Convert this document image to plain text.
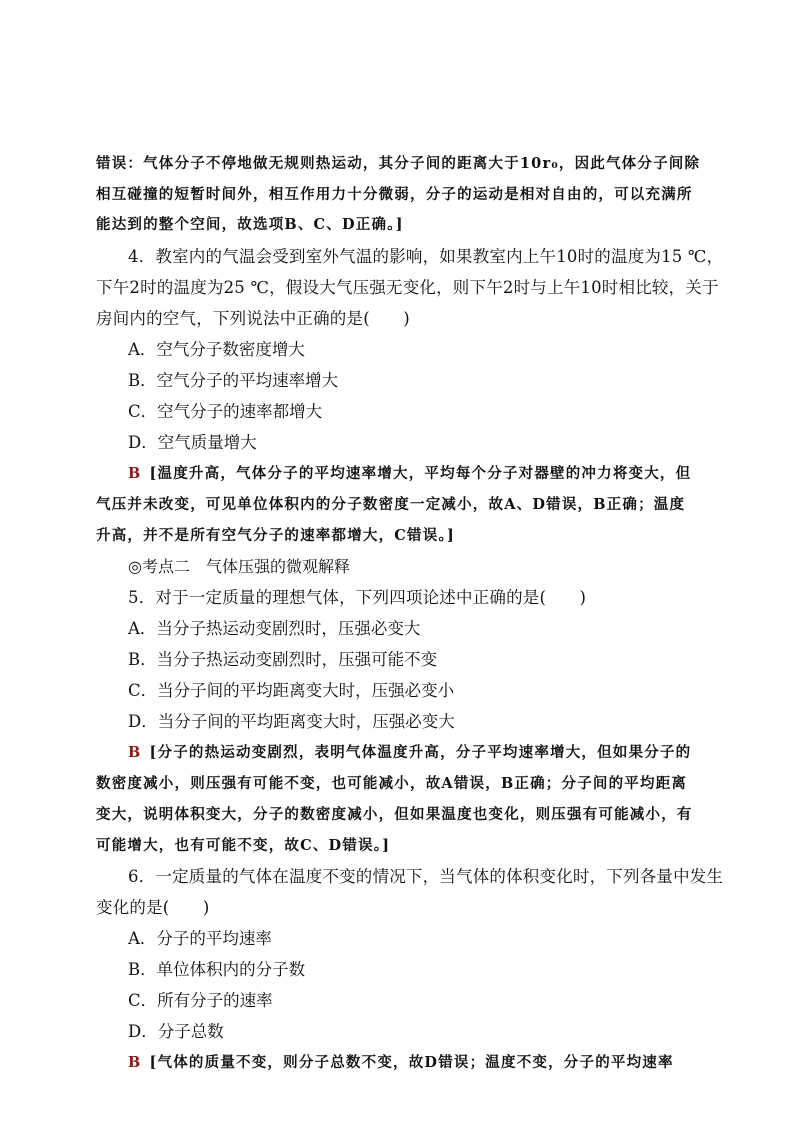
错误：气体分子不停地做无规则热运动，其分子间的距离大于10r₀，因此气体分子间除
相互碰撞的短暂时间外，相互作用力十分微弱，分子的运动是相对自由的，可以充满所
能达到的整个空间，故选项B、C、D正确。]
4．教室内的气温会受到室外气温的影响，如果教室内上午10时的温度为15 ℃，
下午2时的温度为25 ℃，假设大气压强无变化，则下午2时与上午10时相比较，关于
房间内的空气，下列说法中正确的是(　　)
A．空气分子数密度增大
B．空气分子的平均速率增大
C．空气分子的速率都增大
D．空气质量增大
B [温度升高，气体分子的平均速率增大，平均每个分子对器壁的冲力将变大，但
气压并未改变，可见单位体积内的分子数密度一定减小，故A、D错误，B正确；温度
升高，并不是所有空气分子的速率都增大，C错误。]
◎考点二　气体压强的微观解释
5．对于一定质量的理想气体，下列四项论述中正确的是(　　)
A．当分子热运动变剧烈时，压强必变大
B．当分子热运动变剧烈时，压强可能不变
C．当分子间的平均距离变大时，压强必变小
D．当分子间的平均距离变大时，压强必变大
B [分子的热运动变剧烈，表明气体温度升高，分子平均速率增大，但如果分子的
数密度减小，则压强有可能不变，也可能减小，故A错误，B正确；分子间的平均距离
变大，说明体积变大，分子的数密度减小，但如果温度也变化，则压强有可能减小，有
可能增大，也有可能不变，故C、D错误。]
6．一定质量的气体在温度不变的情况下，当气体的体积变化时，下列各量中发生
变化的是(　　)
A．分子的平均速率
B．单位体积内的分子数
C．所有分子的速率
D．分子总数
B [气体的质量不变，则分子总数不变，故D错误；温度不变，分子的平均速率
